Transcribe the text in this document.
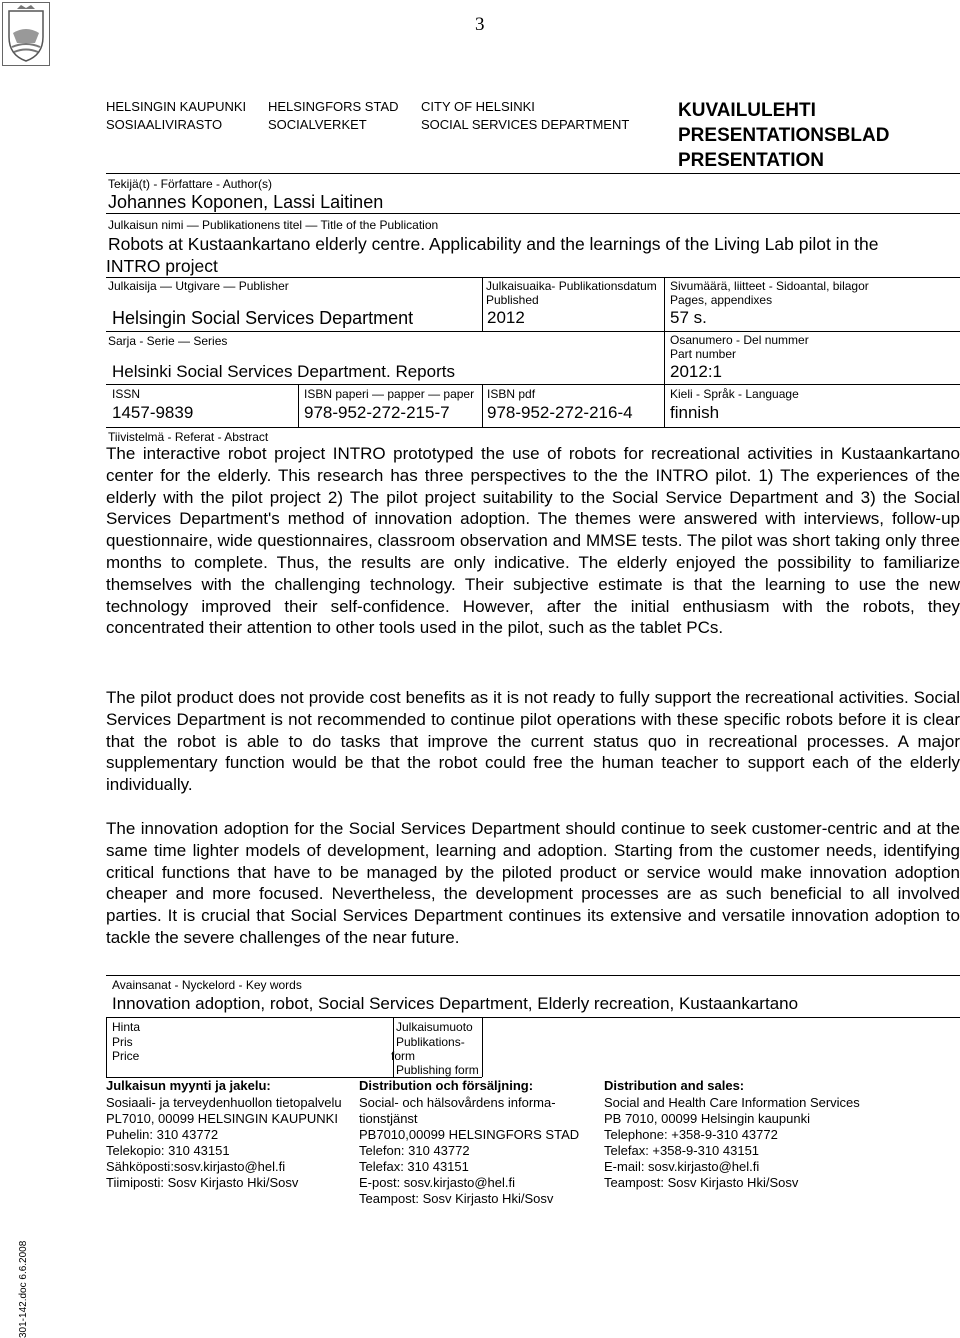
3
HELSINGIN KAUPUNKI
SOSIAALIVIRASTO
HELSINGFORS STAD
SOCIALVERKET
CITY OF HELSINKI
SOCIAL SERVICES DEPARTMENT
KUVAILULEHTI
PRESENTATIONSBLAD
PRESENTATION
Tekijä(t) - Författare - Author(s)
Johannes Koponen, Lassi Laitinen
Julkaisun nimi — Publikationens titel — Title of the Publication
Robots at Kustaankartano elderly centre. Applicability and the learnings of the Living Lab pilot in the
INTRO project
Julkaisija — Utgivare — Publisher
Helsingin Social Services Department
Julkaisuaika- Publikationsdatum
Published
2012
Sivumäärä, liitteet - Sidoantal, bilagor
Pages, appendixes
57 s.
Sarja - Serie — Series
Helsinki Social Services Department. Reports
Osanumero - Del nummer
Part number
2012:1
ISSN
1457-9839
ISBN paperi — papper — paper
978-952-272-215-7
ISBN pdf
978-952-272-216-4
Kieli - Språk - Language
finnish
Tiivistelmä - Referat - Abstract
The interactive robot project INTRO prototyped the use of robots for recreational activities in Kustaankartano center for the elderly. This research has three perspectives to the the INTRO pilot. 1) The experiences of the elderly with the pilot project 2) The pilot project suitability to the Social Service Department and 3) the Social Services Department's method of innovation adoption. The themes were answered with interviews, follow-up questionnaire, wide questionnaires, classroom observation and MMSE tests. The pilot was short taking only three months to complete. Thus, the results are only indicative. The elderly enjoyed the possibility to familiarize themselves with the challenging technology. Their subjective estimate is that the learning to use the new technology improved their self-confidence. However, after the initial enthusiasm with the robots, they concentrated their attention to other tools used in the pilot, such as the tablet PCs.
The pilot product does not provide cost benefits as it is not ready to fully support the recreational activities. Social Services Department is not recommended to continue pilot operations with these specific robots before it is clear that the robot is able to do tasks that improve the current status quo in recreational processes. A major supplementary function would be that the robot could free the human teacher to support each of the elderly individually.
The innovation adoption for the Social Services Department should continue to seek customer-centric and at the same time lighter models of development, learning and adoption. Starting from the customer needs, identifying critical functions that have to be managed by the piloted product or service would make innovation adoption cheaper and more focused. Nevertheless, the development processes are as such beneficial to all involved parties. It is crucial that Social Services Department continues its extensive and versatile innovation adoption to tackle the severe challenges of the near future.
Avainsanat - Nyckelord - Key words
Innovation adoption, robot, Social Services Department, Elderly recreation, Kustaankartano
Hinta
Pris
Price
Julkaisumuoto
Publikations-
form
Publishing form
Julkaisun myynti ja jakelu:
Sosiaali- ja terveydenhuollon tietopalvelu
PL7010, 00099 HELSINGIN KAUPUNKI
Puhelin: 310 43772
Telekopio: 310 43151
Sähköposti:sosv.kirjasto@hel.fi
Tiimiposti: Sosv Kirjasto Hki/Sosv
Distribution och försäljning:
Social- och hälsovårdens informa-
tionstjänst
PB7010,00099 HELSINGFORS STAD
Telefon: 310 43772
Telefax: 310 43151
E-post: sosv.kirjasto@hel.fi
Teampost: Sosv Kirjasto Hki/Sosv
Distribution and sales:
Social and Health Care Information Services
PB 7010, 00099 Helsingin kaupunki
Telephone: +358-9-310 43772
Telefax: +358-9-310 43151
E-mail: sosv.kirjasto@hel.fi
Teampost: Sosv Kirjasto Hki/Sosv
301-142.doc 6.6.2008
